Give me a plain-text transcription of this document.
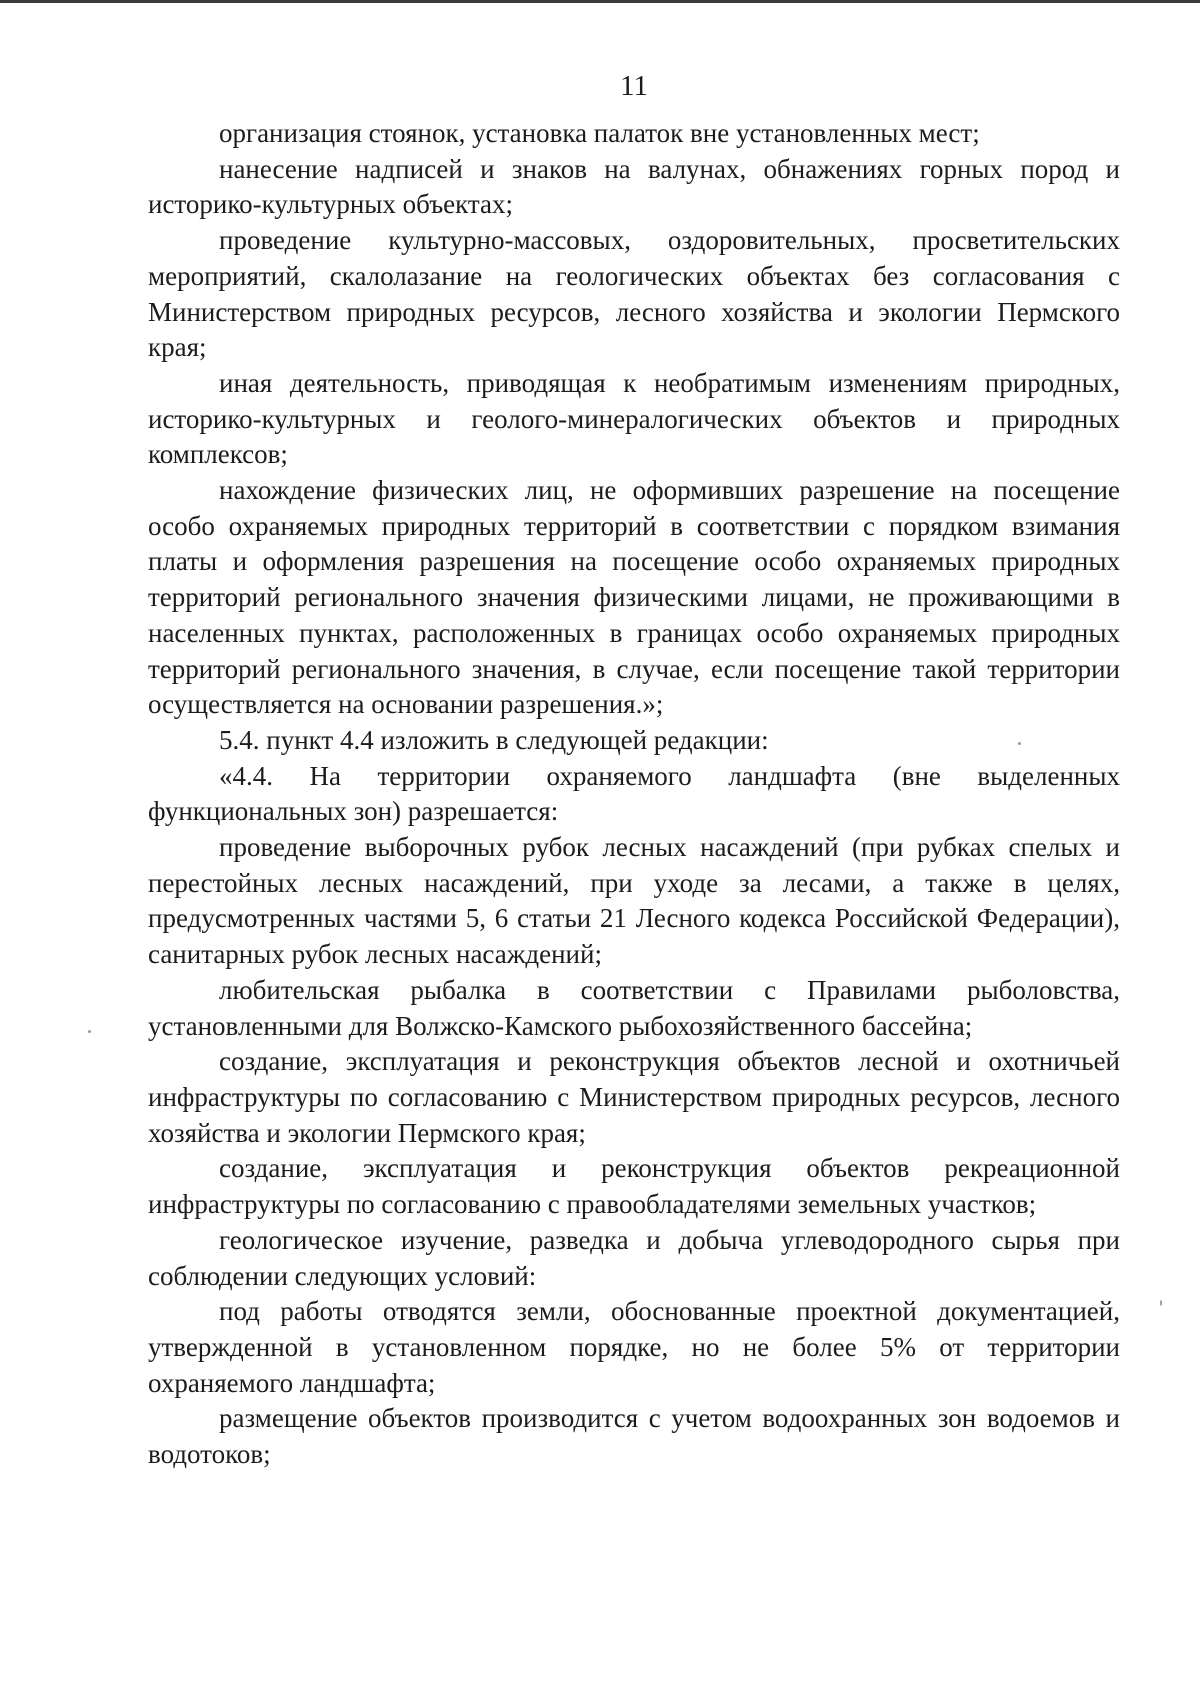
11

организация стоянок, установка палаток вне установленных мест;

нанесение надписей и знаков на валунах, обнажениях горных пород и историко-культурных объектах;

проведение культурно-массовых, оздоровительных, просветительских мероприятий, скалолазание на геологических объектах без согласования с Министерством природных ресурсов, лесного хозяйства и экологии Пермского края;

иная деятельность, приводящая к необратимым изменениям природных, историко-культурных и геолого-минералогических объектов и природных комплексов;

нахождение физических лиц, не оформивших разрешение на посещение особо охраняемых природных территорий в соответствии с порядком взимания платы и оформления разрешения на посещение особо охраняемых природных территорий регионального значения физическими лицами, не проживающими в населенных пунктах, расположенных в границах особо охраняемых природных территорий регионального значения, в случае, если посещение такой территории осуществляется на основании разрешения.»;

5.4. пункт 4.4 изложить в следующей редакции:

«4.4. На территории охраняемого ландшафта (вне выделенных функциональных зон) разрешается:

проведение выборочных рубок лесных насаждений (при рубках спелых и перестойных лесных насаждений, при уходе за лесами, а также в целях, предусмотренных частями 5, 6 статьи 21 Лесного кодекса Российской Федерации), санитарных рубок лесных насаждений;

любительская рыбалка в соответствии с Правилами рыболовства, установленными для Волжско-Камского рыбохозяйственного бассейна;

создание, эксплуатация и реконструкция объектов лесной и охотничьей инфраструктуры по согласованию с Министерством природных ресурсов, лесного хозяйства и экологии Пермского края;

создание, эксплуатация и реконструкция объектов рекреационной инфраструктуры по согласованию с правообладателями земельных участков;

геологическое изучение, разведка и добыча углеводородного сырья при соблюдении следующих условий:

под работы отводятся земли, обоснованные проектной документацией, утвержденной в установленном порядке, но не более 5% от территории охраняемого ландшафта;

размещение объектов производится с учетом водоохранных зон водоемов и водотоков;
